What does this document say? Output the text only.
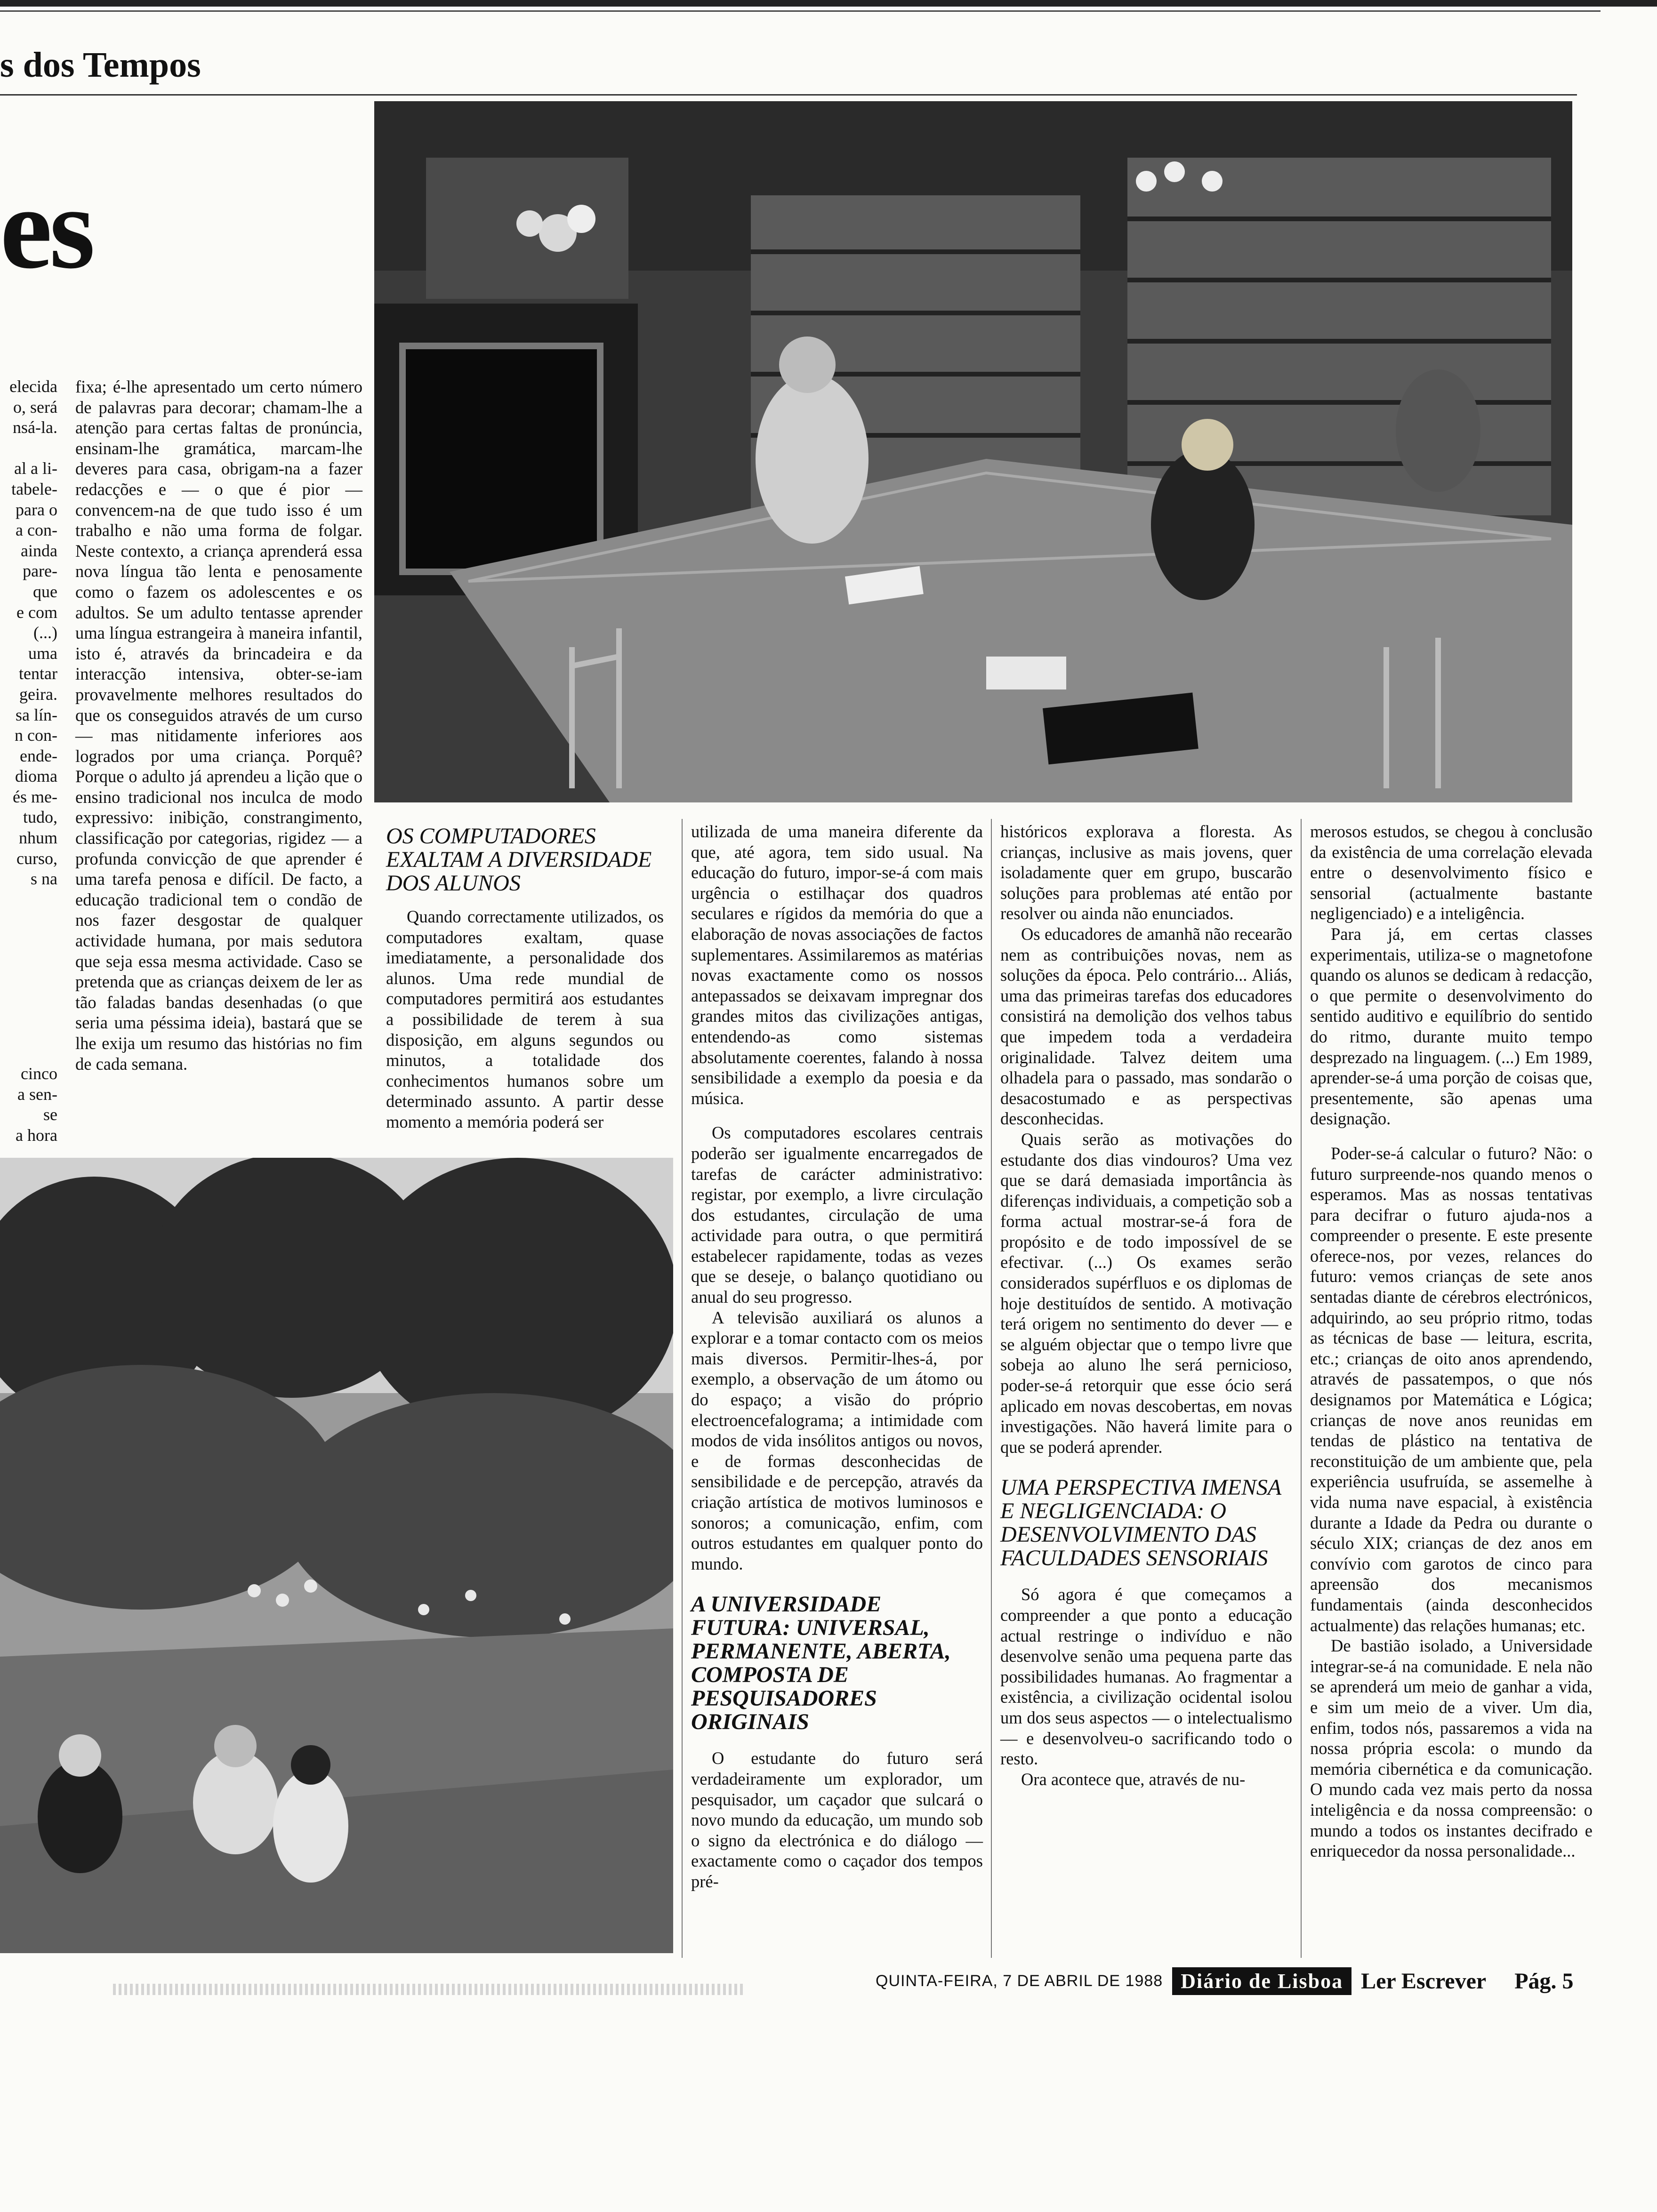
s dos Tempos
es
elecida
o, será
nsá-la.

al a li-
tabele-
para o
a con-
ainda
pare-
que
e com
(...)
uma
tentar
geira.
sa lín-
n con-
ende-
dioma
és me-
tudo,
nhum
curso,
s na
cinco
a sen-
se
a hora

fixa; é-lhe apresentado um certo número de palavras para decorar; chamam-lhe a atenção para certas faltas de pronúncia, ensinam-lhe gramática, marcam-lhe deveres para casa, obrigam-na a fazer redacções e — o que é pior — convencem-na de que tudo isso é um trabalho e não uma forma de folgar. Neste contexto, a criança aprenderá essa nova língua tão lenta e penosamente como o fazem os adolescentes e os adultos. Se um adulto tentasse aprender uma língua estrangeira à maneira infantil, isto é, através da brincadeira e da interacção intensiva, obter-se-iam provavelmente melhores resultados do que os conseguidos através de um curso — mas nitidamente inferiores aos logrados por uma criança. Porquê? Porque o adulto já aprendeu a lição que o ensino tradicional nos inculca de modo expressivo: inibição, constrangimento, classificação por categorias, rigidez — a profunda convicção de que aprender é uma tarefa penosa e difícil. De facto, a educação tradicional tem o condão de nos fazer desgostar de qualquer actividade humana, por mais sedutora que seja essa mesma actividade. Caso se pretenda que as crianças deixem de ler as tão faladas bandas desenhadas (o que seria uma péssima ideia), bastará que se lhe exija um resumo das histórias no fim de cada semana.

OS COMPUTADORES EXALTAM A DIVERSIDADE DOS ALUNOS

Quando correctamente utilizados, os computadores exaltam, quase imediatamente, a personalidade dos alunos. Uma rede mundial de computadores permitirá aos estudantes a possibilidade de terem à sua disposição, em alguns segundos ou minutos, a totalidade dos conhecimentos humanos sobre um determinado assunto. A partir desse momento a memória poderá ser

utilizada de uma maneira diferente da que, até agora, tem sido usual. Na educação do futuro, impor-se-á com mais urgência o estilhaçar dos quadros seculares e rígidos da memória do que a elaboração de novas associações de factos suplementares. Assimilaremos as matérias novas exactamente como os nossos antepassados se deixavam impregnar dos grandes mitos das civilizações antigas, entendendo-as como sistemas absolutamente coerentes, falando à nossa sensibilidade a exemplo da poesia e da música.

Os computadores escolares centrais poderão ser igualmente encarregados de tarefas de carácter administrativo: registar, por exemplo, a livre circulação dos estudantes, circulação de uma actividade para outra, o que permitirá estabelecer rapidamente, todas as vezes que se deseje, o balanço quotidiano ou anual do seu progresso.

A televisão auxiliará os alunos a explorar e a tomar contacto com os meios mais diversos. Permitir-lhes-á, por exemplo, a observação de um átomo ou do espaço; a visão do próprio electroencefalograma; a intimidade com modos de vida insólitos antigos ou novos, e de formas desconhecidas de sensibilidade e de percepção, através da criação artística de motivos luminosos e sonoros; a comunicação, enfim, com outros estudantes em qualquer ponto do mundo.

A UNIVERSIDADE FUTURA: UNIVERSAL, PERMANENTE, ABERTA, COMPOSTA DE PESQUISADORES ORIGINAIS

O estudante do futuro será verdadeiramente um explorador, um pesquisador, um caçador que sulcará o novo mundo da educação, um mundo sob o signo da electrónica e do diálogo — exactamente como o caçador dos tempos pré-

históricos explorava a floresta. As crianças, inclusive as mais jovens, quer isoladamente quer em grupo, buscarão soluções para problemas até então por resolver ou ainda não enunciados.

Os educadores de amanhã não recearão nem as contribuições novas, nem as soluções da época. Pelo contrário... Aliás, uma das primeiras tarefas dos educadores consistirá na demolição dos velhos tabus que impedem toda a verdadeira originalidade. Talvez deitem uma olhadela para o passado, mas sondarão o desacostumado e as perspectivas desconhecidas.

Quais serão as motivações do estudante dos dias vindouros? Uma vez que se dará demasiada importância às diferenças individuais, a competição sob a forma actual mostrar-se-á fora de propósito e de todo impossível de se efectivar. (...) Os exames serão considerados supérfluos e os diplomas de hoje destituídos de sentido. A motivação terá origem no sentimento do dever — e se alguém objectar que o tempo livre que sobeja ao aluno lhe será pernicioso, poder-se-á retorquir que esse ócio será aplicado em novas descobertas, em novas investigações. Não haverá limite para o que se poderá aprender.

UMA PERSPECTIVA IMENSA E NEGLIGENCIADA: O DESENVOLVIMENTO DAS FACULDADES SENSORIAIS

Só agora é que começamos a compreender a que ponto a educação actual restringe o indivíduo e não desenvolve senão uma pequena parte das possibilidades humanas. Ao fragmentar a existência, a civilização ocidental isolou um dos seus aspectos — o intelectualismo — e desenvolveu-o sacrificando todo o resto.

Ora acontece que, através de nu-

merosos estudos, se chegou à conclusão da existência de uma correlação elevada entre o desenvolvimento físico e sensorial (actualmente bastante negligenciado) e a inteligência.

Para já, em certas classes experimentais, utiliza-se o magnetofone quando os alunos se dedicam à redacção, o que permite o desenvolvimento do sentido auditivo e equilíbrio do sentido do ritmo, durante muito tempo desprezado na linguagem. (...) Em 1989, aprender-se-á uma porção de coisas que, presentemente, são apenas uma designação.

Poder-se-á calcular o futuro? Não: o futuro surpreende-nos quando menos o esperamos. Mas as nossas tentativas para decifrar o futuro ajuda-nos a compreender o presente. E este presente oferece-nos, por vezes, relances do futuro: vemos crianças de sete anos sentadas diante de cérebros electrónicos, adquirindo, ao seu próprio ritmo, todas as técnicas de base — leitura, escrita, etc.; crianças de oito anos aprendendo, através de passatempos, o que nós designamos por Matemática e Lógica; crianças de nove anos reunidas em tendas de plástico na tentativa de reconstituição de um ambiente que, pela experiência usufruída, se assemelhe à vida numa nave espacial, à existência durante a Idade da Pedra ou durante o século XIX; crianças de dez anos em convívio com garotos de cinco para apreensão dos mecanismos fundamentais (ainda desconhecidos actualmente) das relações humanas; etc.

De bastião isolado, a Universidade integrar-se-á na comunidade. E nela não se aprenderá um meio de ganhar a vida, e sim um meio de a viver. Um dia, enfim, todos nós, passaremos a vida na nossa própria escola: o mundo da memória cibernética e da comunicação. O mundo cada vez mais perto da nossa inteligência e da nossa compreensão: o mundo a todos os instantes decifrado e enriquecedor da nossa personalidade...

QUINTA-FEIRA, 7 DE ABRIL DE 1988 Diário de Lisboa Ler Escrever Pág. 5
